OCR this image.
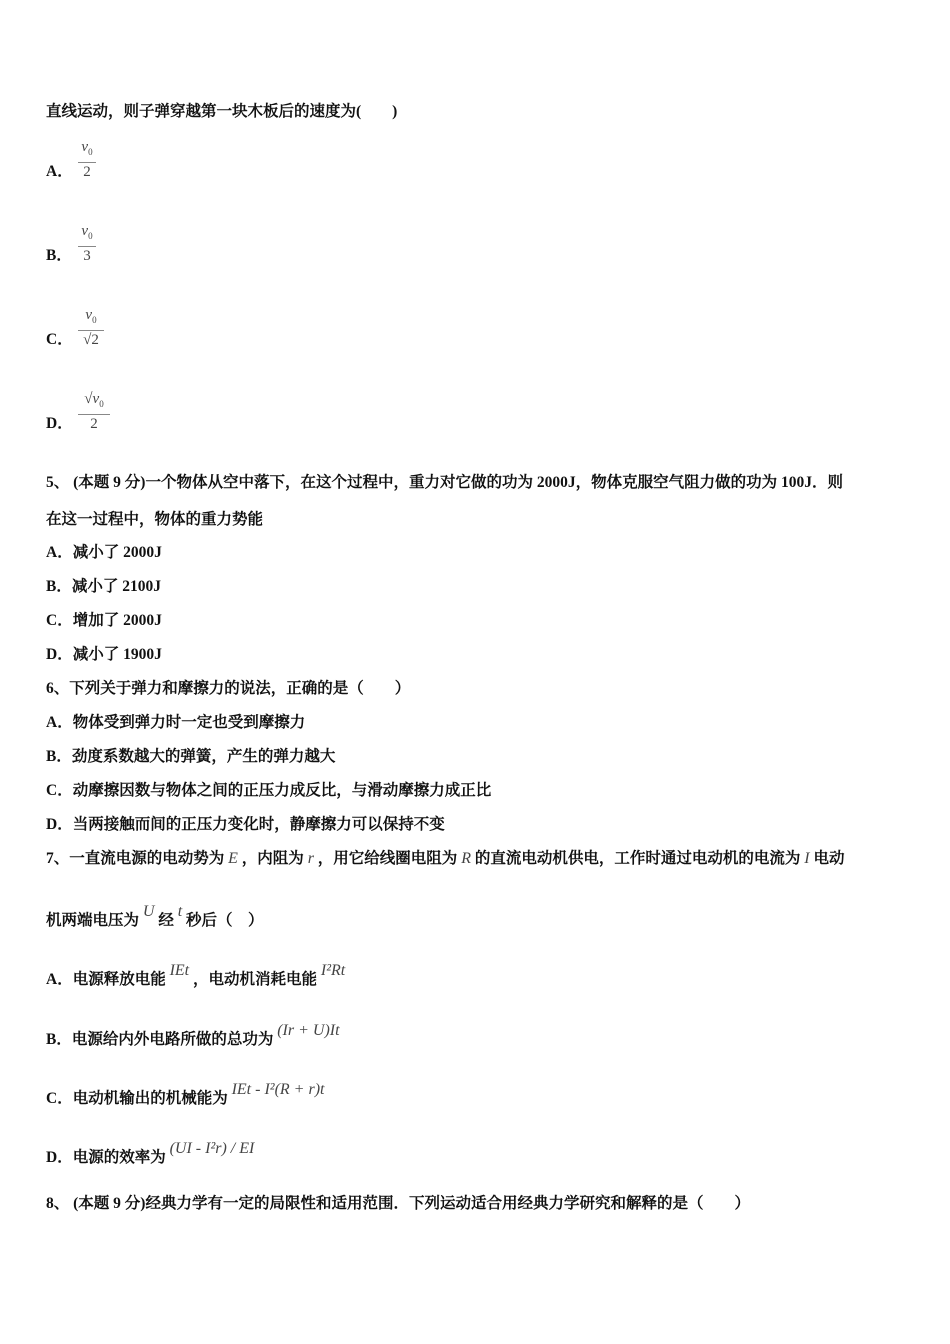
直线运动，则子弹穿越第一块木板后的速度为(　　)
A．
$v_0$
2
B．
$v_0$
3
C．
$v_0$
√2
D．
$√v_0$
2
5、 (本题 9 分)一个物体从空中落下，在这个过程中，重力对它做的功为 2000J，物体克服空气阻力做的功为 100J．则
在这一过程中，物体的重力势能
A．减小了 2000J
B．减小了 2100J
C．增加了 2000J
D．减小了 1900J
6、下列关于弹力和摩擦力的说法，正确的是（　　）
A．物体受到弹力时一定也受到摩擦力
B．劲度系数越大的弹簧，产生的弹力越大
C．动摩擦因数与物体之间的正压力成反比，与滑动摩擦力成正比
D．当两接触而间的正压力变化时，静摩擦力可以保持不变
7、一直流电源的电动势为 E ，内阻为 r ，用它给线圈电阻为 R 的直流电动机供电，工作时通过电动机的电流为 I 电动
机两端电压为 U 经 t 秒后（　）
A．电源释放电能 IEt ，电动机消耗电能 I²Rt
B．电源给内外电路所做的总功为 (Ir + U)It
C．电动机输出的机械能为 IEt - I²(R + r)t
D．电源的效率为 (UI - I²r) / EI
8、 (本题 9 分)经典力学有一定的局限性和适用范围．下列运动适合用经典力学研究和解释的是（　　）
